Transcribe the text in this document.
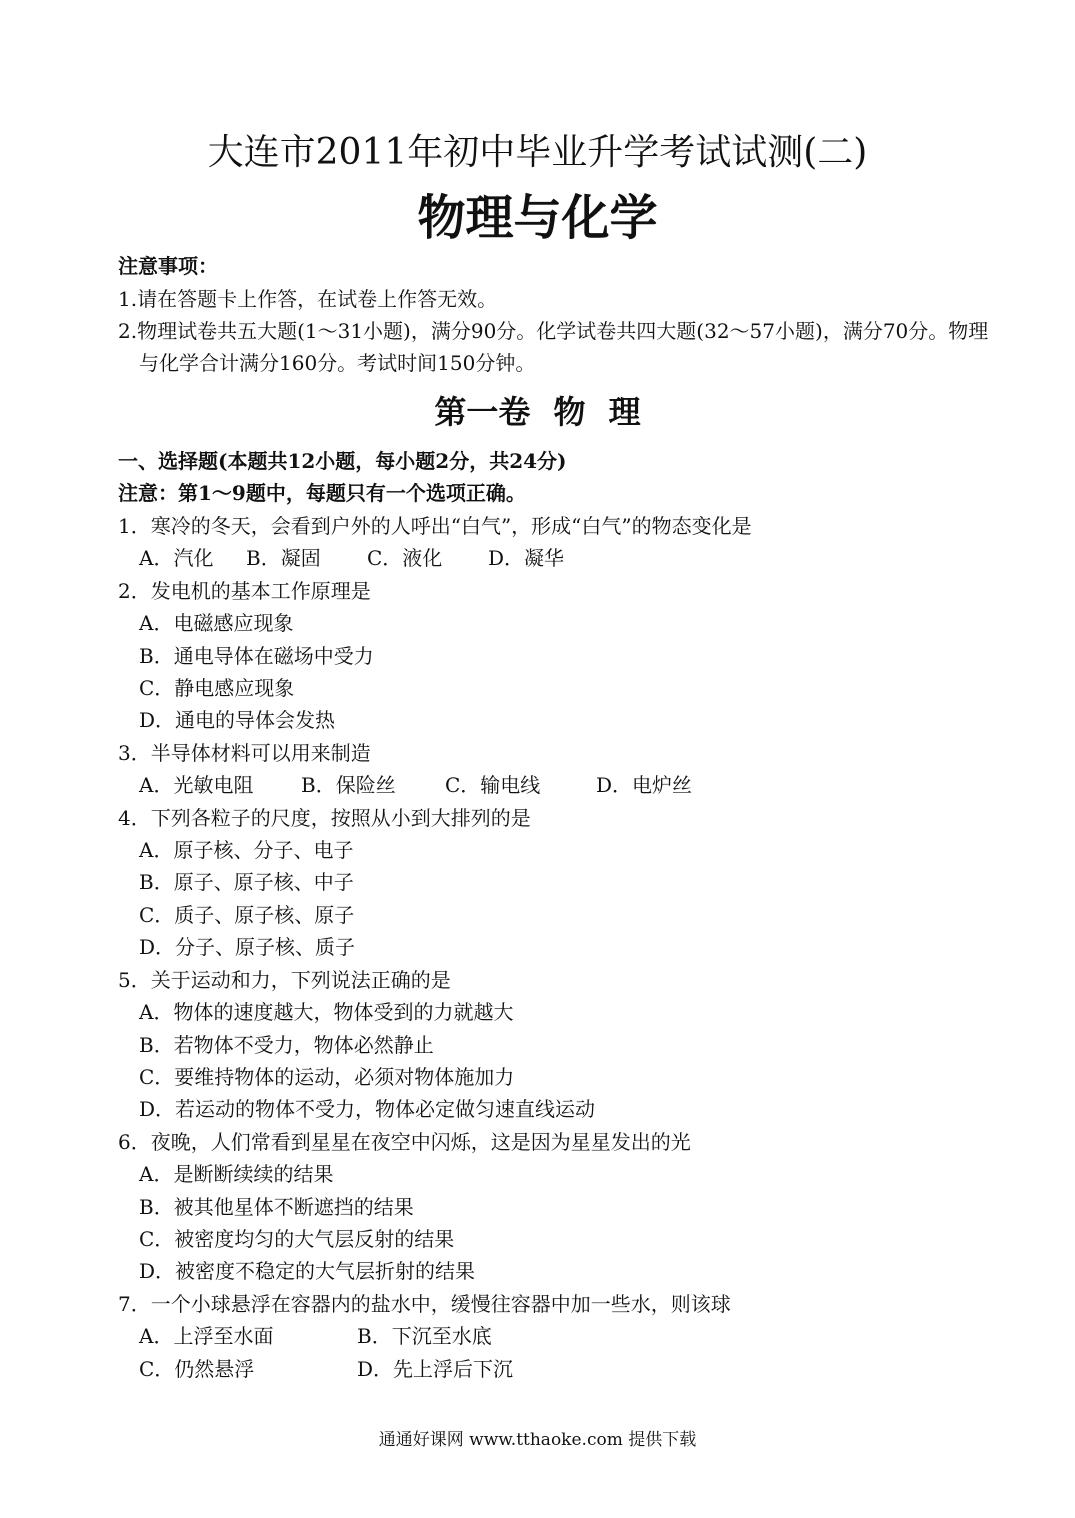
大连市2011年初中毕业升学考试试测(二)
物理与化学
注意事项：
1.请在答题卡上作答，在试卷上作答无效。
2.物理试卷共五大题(1～31小题)，满分90分。化学试卷共四大题(32～57小题)，满分70分。物理与化学合计满分160分。考试时间150分钟。
第一卷 物 理
一、选择题(本题共12小题，每小题2分，共24分)
注意：第1～9题中，每题只有一个选项正确。
1．寒冷的冬天，会看到户外的人呼出“白气”，形成“白气”的物态变化是
A．汽化	B．凝固	C．液化	D．凝华
2．发电机的基本工作原理是
A．电磁感应现象
B．通电导体在磁场中受力
C．静电感应现象
D．通电的导体会发热
3．半导体材料可以用来制造
A．光敏电阻	B．保险丝	C．输电线	D．电炉丝
4．下列各粒子的尺度，按照从小到大排列的是
A．原子核、分子、电子
B．原子、原子核、中子
C．质子、原子核、原子
D．分子、原子核、质子
5．关于运动和力，下列说法正确的是
A．物体的速度越大，物体受到的力就越大
B．若物体不受力，物体必然静止
C．要维持物体的运动，必须对物体施加力
D．若运动的物体不受力，物体必定做匀速直线运动
6．夜晚，人们常看到星星在夜空中闪烁，这是因为星星发出的光
A．是断断续续的结果
B．被其他星体不断遮挡的结果
C．被密度均匀的大气层反射的结果
D．被密度不稳定的大气层折射的结果
7．一个小球悬浮在容器内的盐水中，缓慢往容器中加一些水，则该球
A．上浮至水面	B．下沉至水底
C．仍然悬浮	D．先上浮后下沉
通通好课网 www.tthaoke.com 提供下载
